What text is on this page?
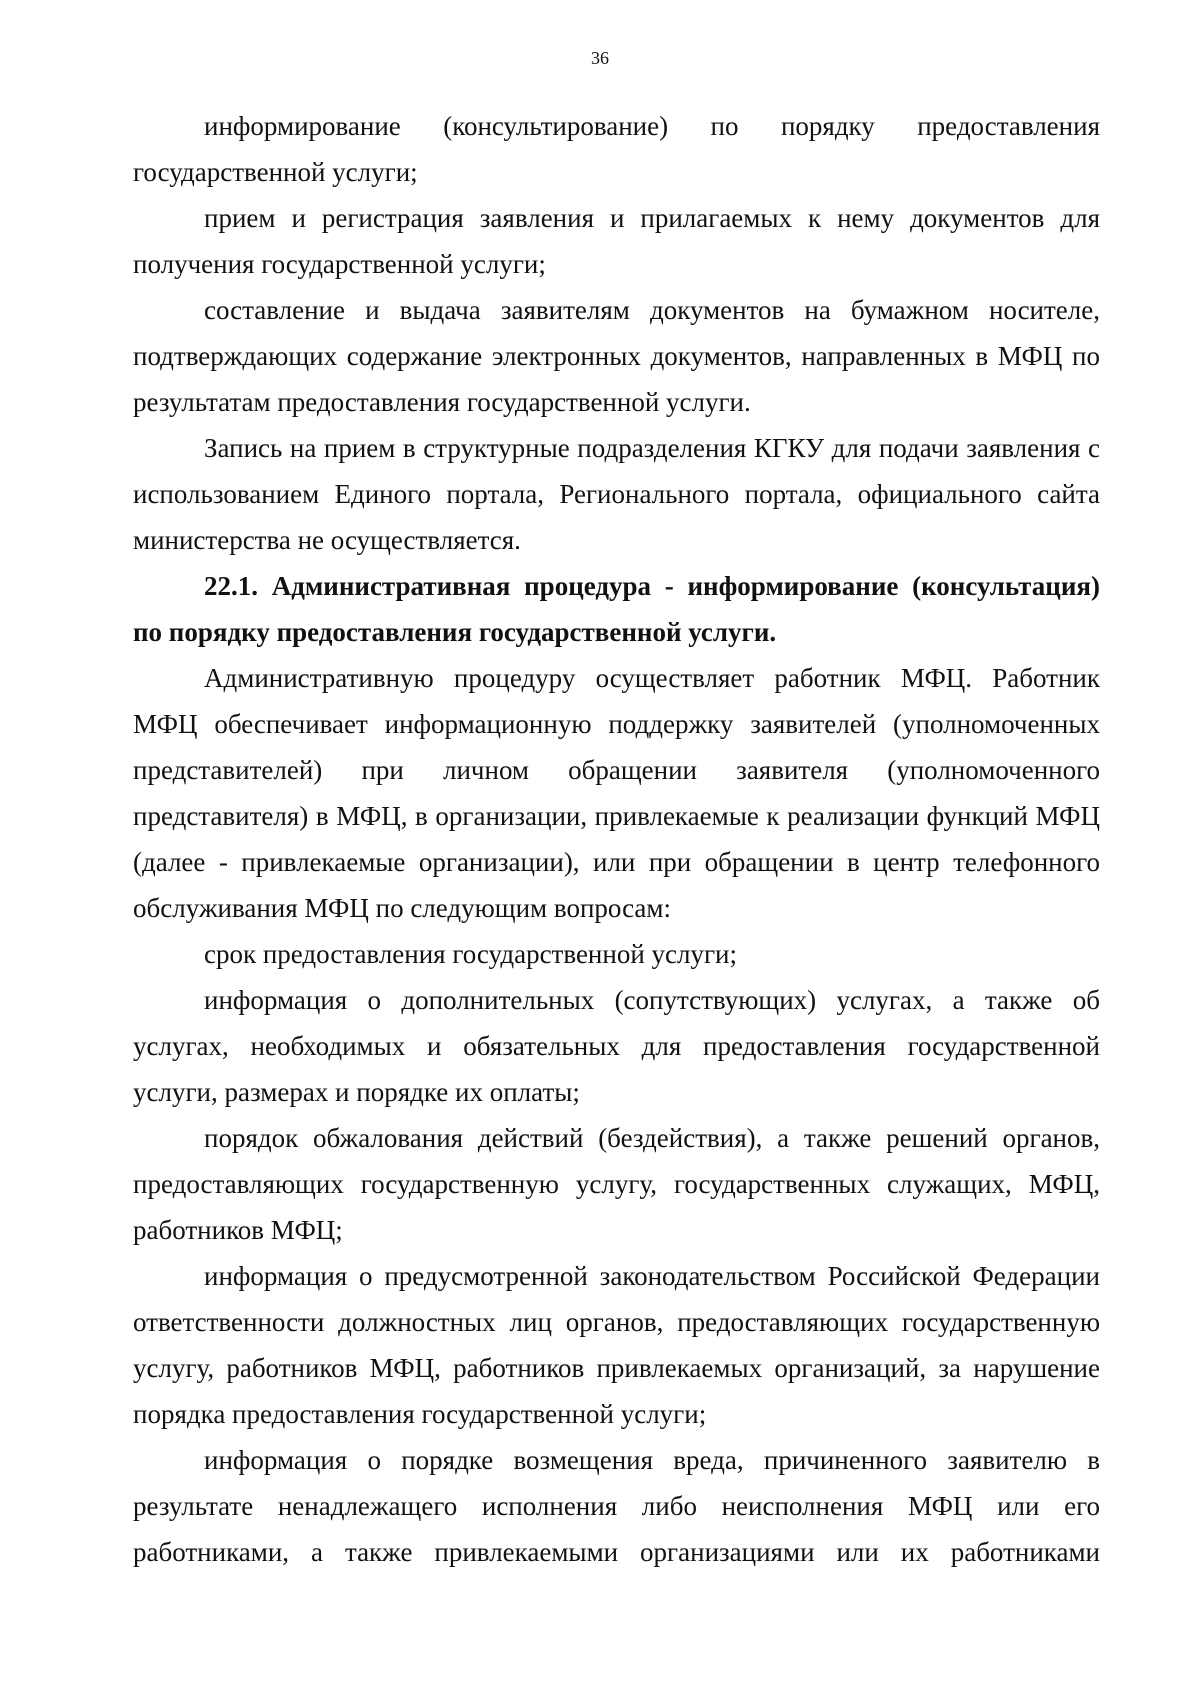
36

информирование (консультирование) по порядку предоставления государственной услуги;

прием и регистрация заявления и прилагаемых к нему документов для получения государственной услуги;

составление и выдача заявителям документов на бумажном носителе, подтверждающих содержание электронных документов, направленных в МФЦ по результатам предоставления государственной услуги.

Запись на прием в структурные подразделения КГКУ для подачи заявления с использованием Единого портала, Регионального портала, официального сайта министерства не осуществляется.

22.1. Административная процедура - информирование (консультация) по порядку предоставления государственной услуги.

Административную процедуру осуществляет работник МФЦ. Работник МФЦ обеспечивает информационную поддержку заявителей (уполномоченных представителей) при личном обращении заявителя (уполномоченного представителя) в МФЦ, в организации, привлекаемые к реализации функций МФЦ (далее - привлекаемые организации), или при обращении в центр телефонного обслуживания МФЦ по следующим вопросам:

срок предоставления государственной услуги;

информация о дополнительных (сопутствующих) услугах, а также об услугах, необходимых и обязательных для предоставления государственной услуги, размерах и порядке их оплаты;

порядок обжалования действий (бездействия), а также решений органов, предоставляющих государственную услугу, государственных служащих, МФЦ, работников МФЦ;

информация о предусмотренной законодательством Российской Федерации ответственности должностных лиц органов, предоставляющих государственную услугу, работников МФЦ, работников привлекаемых организаций, за нарушение порядка предоставления государственной услуги;

информация о порядке возмещения вреда, причиненного заявителю в результате ненадлежащего исполнения либо неисполнения МФЦ или его работниками, а также привлекаемыми организациями или их работниками
